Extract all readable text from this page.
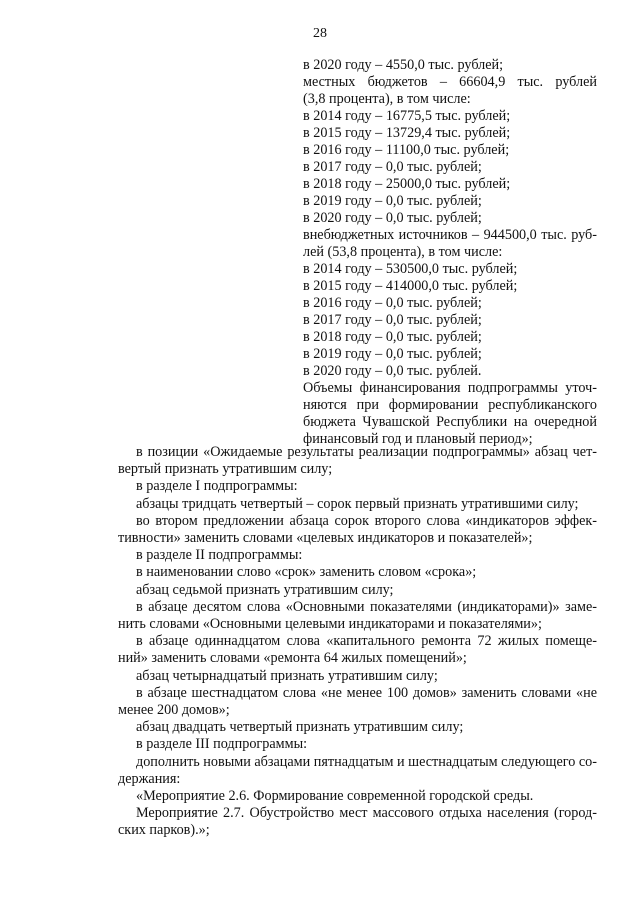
28
в 2020 году – 4550,0 тыс. рублей;
местных бюджетов – 66604,9 тыс. рублей
(3,8 процента), в том числе:
в 2014 году – 16775,5 тыс. рублей;
в 2015 году – 13729,4 тыс. рублей;
в 2016 году – 11100,0 тыс. рублей;
в 2017 году – 0,0 тыс. рублей;
в 2018 году – 25000,0 тыс. рублей;
в 2019 году – 0,0 тыс. рублей;
в 2020 году – 0,0 тыс. рублей;
внебюджетных источников – 944500,0 тыс. руб-
лей (53,8 процента), в том числе:
в 2014 году – 530500,0 тыс. рублей;
в 2015 году – 414000,0 тыс. рублей;
в 2016 году – 0,0 тыс. рублей;
в 2017 году – 0,0 тыс. рублей;
в 2018 году – 0,0 тыс. рублей;
в 2019 году – 0,0 тыс. рублей;
в 2020 году – 0,0 тыс. рублей.
Объемы финансирования подпрограммы уточ-
няются при формировании республиканского
бюджета Чувашской Республики на очередной
финансовый год и плановый период»;
в позиции «Ожидаемые результаты реализации подпрограммы» абзац чет-
вертый признать утратившим силу;
в разделе I подпрограммы:
абзацы тридцать четвертый – сорок первый признать утратившими силу;
во втором предложении абзаца сорок второго слова «индикаторов эффек-
тивности» заменить словами «целевых индикаторов и показателей»;
в разделе II подпрограммы:
в наименовании слово «срок» заменить словом «срока»;
абзац седьмой признать утратившим силу;
в абзаце десятом слова «Основными показателями (индикаторами)» заме-
нить словами «Основными целевыми индикаторами и показателями»;
в абзаце одиннадцатом слова «капитального ремонта 72 жилых помеще-
ний» заменить словами «ремонта 64 жилых помещений»;
абзац четырнадцатый признать утратившим силу;
в абзаце шестнадцатом слова «не менее 100 домов» заменить словами «не
менее 200 домов»;
абзац двадцать четвертый признать утратившим силу;
в разделе III подпрограммы:
дополнить новыми абзацами пятнадцатым и шестнадцатым следующего со-
держания:
«Мероприятие 2.6. Формирование современной городской среды.
Мероприятие 2.7. Обустройство мест массового отдыха населения (город-
ских парков).»;
